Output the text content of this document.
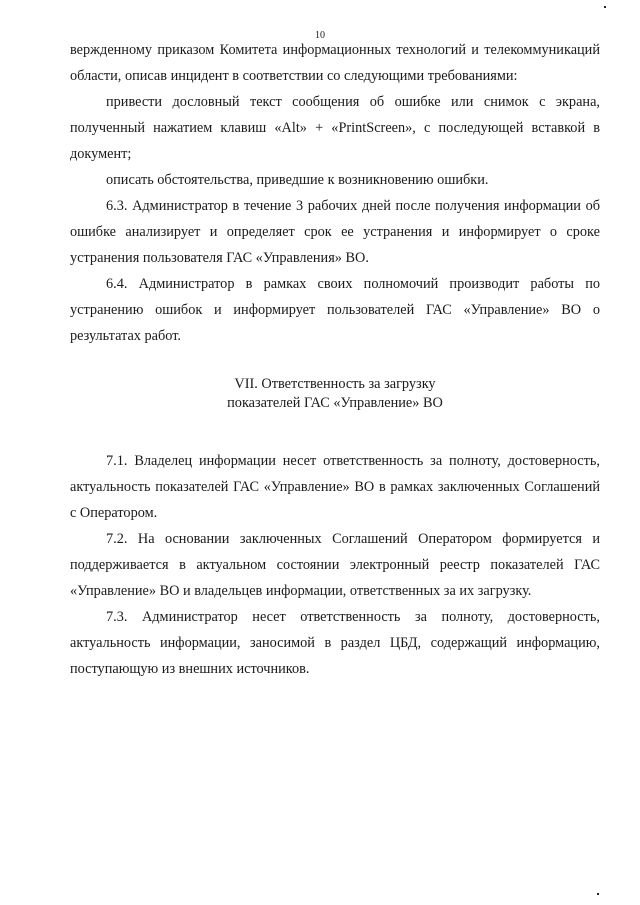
10

вержденному приказом Комитета информационных технологий и телекоммуникаций области, описав инцидент в соответствии со следующими требованиями:

привести дословный текст сообщения об ошибке или снимок с экрана, полученный нажатием клавиш «Alt» + «PrintScreen», с последующей вставкой в документ;

описать обстоятельства, приведшие к возникновению ошибки.

6.3. Администратор в течение 3 рабочих дней после получения информации об ошибке анализирует и определяет срок ее устранения и информирует о сроке устранения пользователя ГАС «Управления» ВО.

6.4. Администратор в рамках своих полномочий производит работы по устранению ошибок и информирует пользователей ГАС «Управление» ВО о результатах работ.

VII. Ответственность за загрузку
показателей ГАС «Управление» ВО

7.1. Владелец информации несет ответственность за полноту, достоверность, актуальность показателей ГАС «Управление» ВО в рамках заключенных Соглашений с Оператором.

7.2. На основании заключенных Соглашений Оператором формируется и поддерживается в актуальном состоянии электронный реестр показателей ГАС «Управление» ВО и владельцев информации, ответственных за их загрузку.

7.3. Администратор несет ответственность за полноту, достоверность, актуальность информации, заносимой в раздел ЦБД, содержащий информацию, поступающую из внешних источников.
